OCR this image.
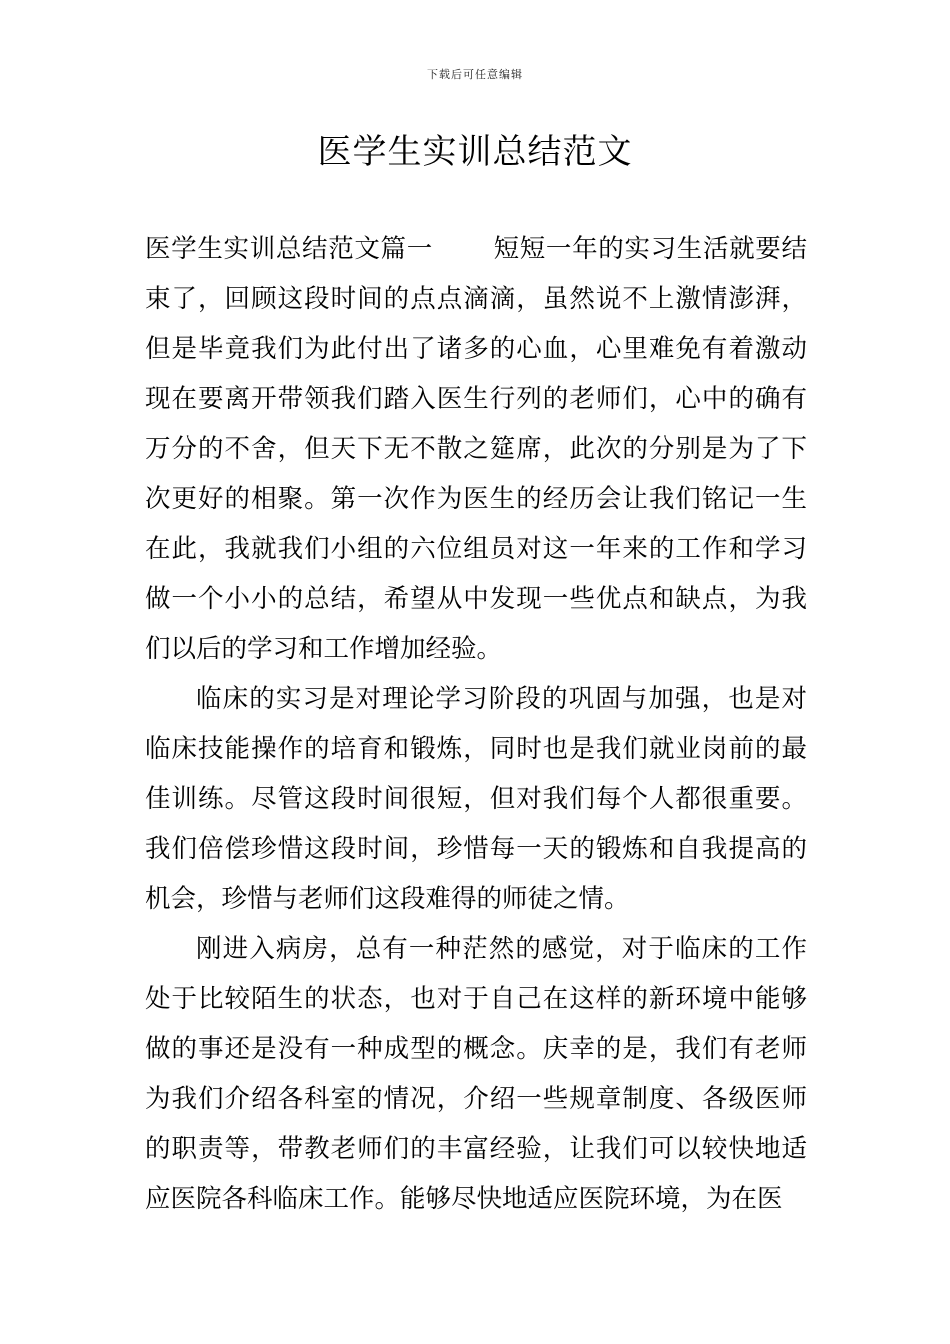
下载后可任意编辑
医学生实训总结范文

医学生实训总结范文篇一 短短一年的实习生活就要结束了，回顾这段时间的点点滴滴，虽然说不上激情澎湃，但是毕竟我们为此付出了诸多的心血，心里难免有着激动现在要离开带领我们踏入医生行列的老师们，心中的确有万分的不舍，但天下无不散之筵席，此次的分别是为了下次更好的相聚。第一次作为医生的经历会让我们铭记一生在此，我就我们小组的六位组员对这一年来的工作和学习做一个小小的总结，希望从中发现一些优点和缺点，为我们以后的学习和工作增加经验。

临床的实习是对理论学习阶段的巩固与加强，也是对临床技能操作的培育和锻炼，同时也是我们就业岗前的最佳训练。尽管这段时间很短，但对我们每个人都很重要。我们倍偿珍惜这段时间，珍惜每一天的锻炼和自我提高的机会，珍惜与老师们这段难得的师徒之情。

刚进入病房，总有一种茫然的感觉，对于临床的工作处于比较陌生的状态，也对于自己在这样的新环境中能够做的事还是没有一种成型的概念。庆幸的是，我们有老师为我们介绍各科室的情况，介绍一些规章制度、各级医师的职责等，带教老师们的丰富经验，让我们可以较快地适应医院各科临床工作。能够尽快地适应医院环境，为在医
